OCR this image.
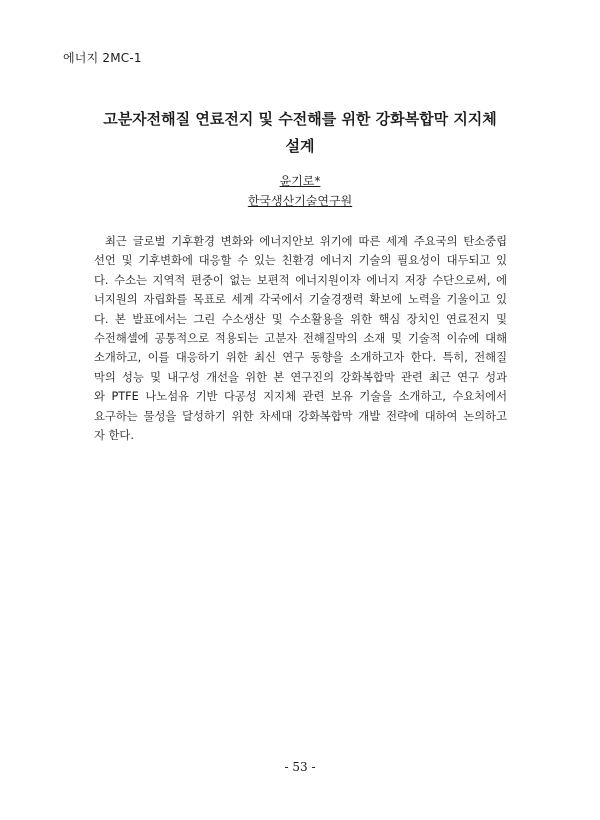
에너지 2MC-1
고분자전해질 연료전지 및 수전해를 위한 강화복합막 지지체
설계
윤기로*
한국생산기술연구원
최근 글로벌 기후환경 변화와 에너지안보 위기에 따른 세계 주요국의 탄소중립
선언 및 기후변화에 대응할 수 있는 친환경 에너지 기술의 필요성이 대두되고 있
다. 수소는 지역적 편중이 없는 보편적 에너지원이자 에너지 저장 수단으로써, 에
너지원의 자립화를 목표로 세계 각국에서 기술경쟁력 확보에 노력을 기울이고 있
다. 본 발표에서는 그린 수소생산 및 수소활용을 위한 핵심 장치인 연료전지 및
수전해셀에 공통적으로 적용되는 고분자 전해질막의 소재 및 기술적 이슈에 대해
소개하고, 이를 대응하기 위한 최신 연구 동향을 소개하고자 한다. 특히, 전해질
막의 성능 및 내구성 개선을 위한 본 연구진의 강화복합막 관련 최근 연구 성과
와 PTFE 나노섬유 기반 다공성 지지체 관련 보유 기술을 소개하고, 수요처에서
요구하는 물성을 달성하기 위한 차세대 강화복합막 개발 전략에 대하여 논의하고
자 한다.
- 53 -
